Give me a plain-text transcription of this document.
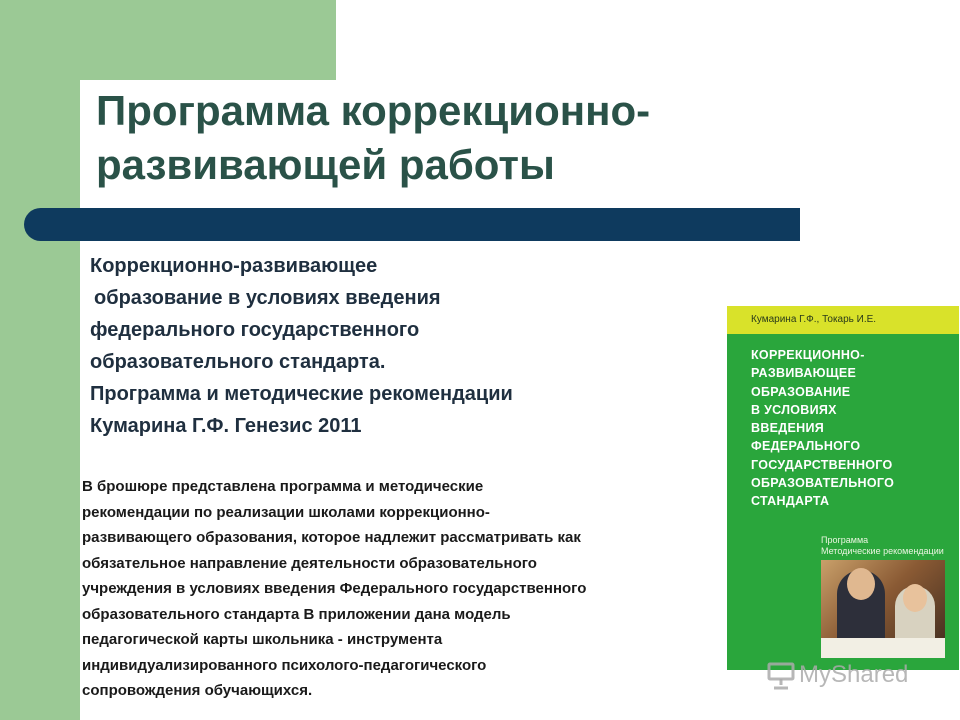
Программа коррекционно-
развивающей работы
Коррекционно-развивающее
образование в условиях введения
федерального государственного
образовательного стандарта.
Программа и методические рекомендации
Кумарина Г.Ф. Генезис 2011
В брошюре представлена программа и методические
рекомендации по реализации школами коррекционно-
развивающего образования, которое надлежит рассматривать как
обязательное направление деятельности образовательного
учреждения в условиях введения Федерального государственного
образовательного стандарта В приложении дана модель
педагогической карты школьника - инструмента
индивидуализированного психолого-педагогического
сопровождения обучающихся.
Кумарина Г.Ф., Токарь И.Е.
КОРРЕКЦИОННО-
РАЗВИВАЮЩЕЕ
ОБРАЗОВАНИЕ
В УСЛОВИЯХ
ВВЕДЕНИЯ
ФЕДЕРАЛЬНОГО
ГОСУДАРСТВЕННОГО
ОБРАЗОВАТЕЛЬНОГО
СТАНДАРТА
Программа
Методические рекомендации
MyShared
